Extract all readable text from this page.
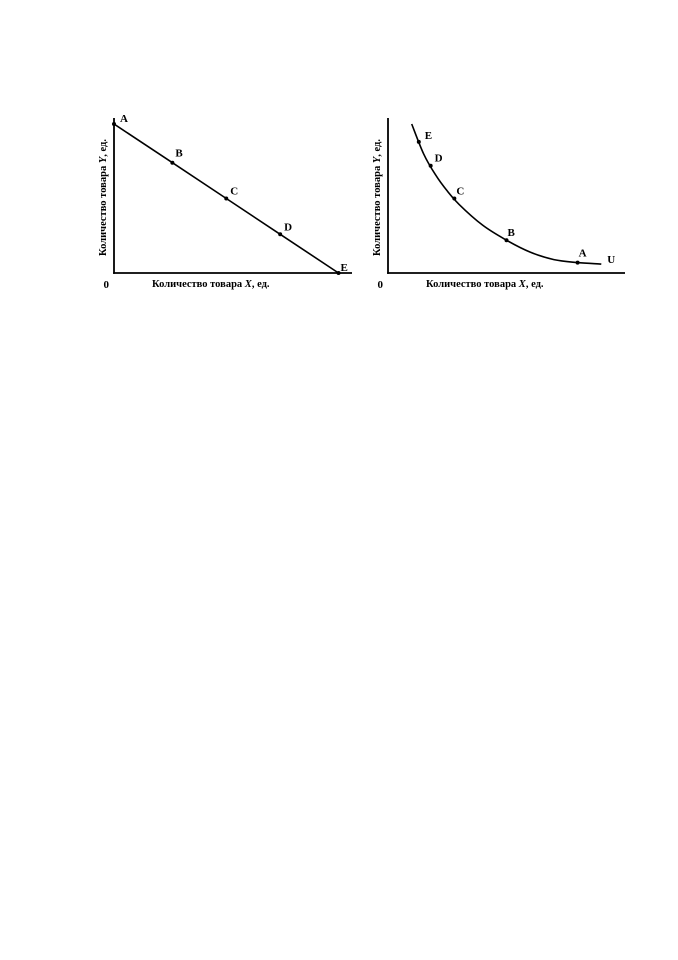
0	Количество товара X, ед.
Количество товара Y, ед.
A
B
C
D
E
0	Количество товара X, ед.
Количество товара Y, ед.
U
E
D
C
B
A
